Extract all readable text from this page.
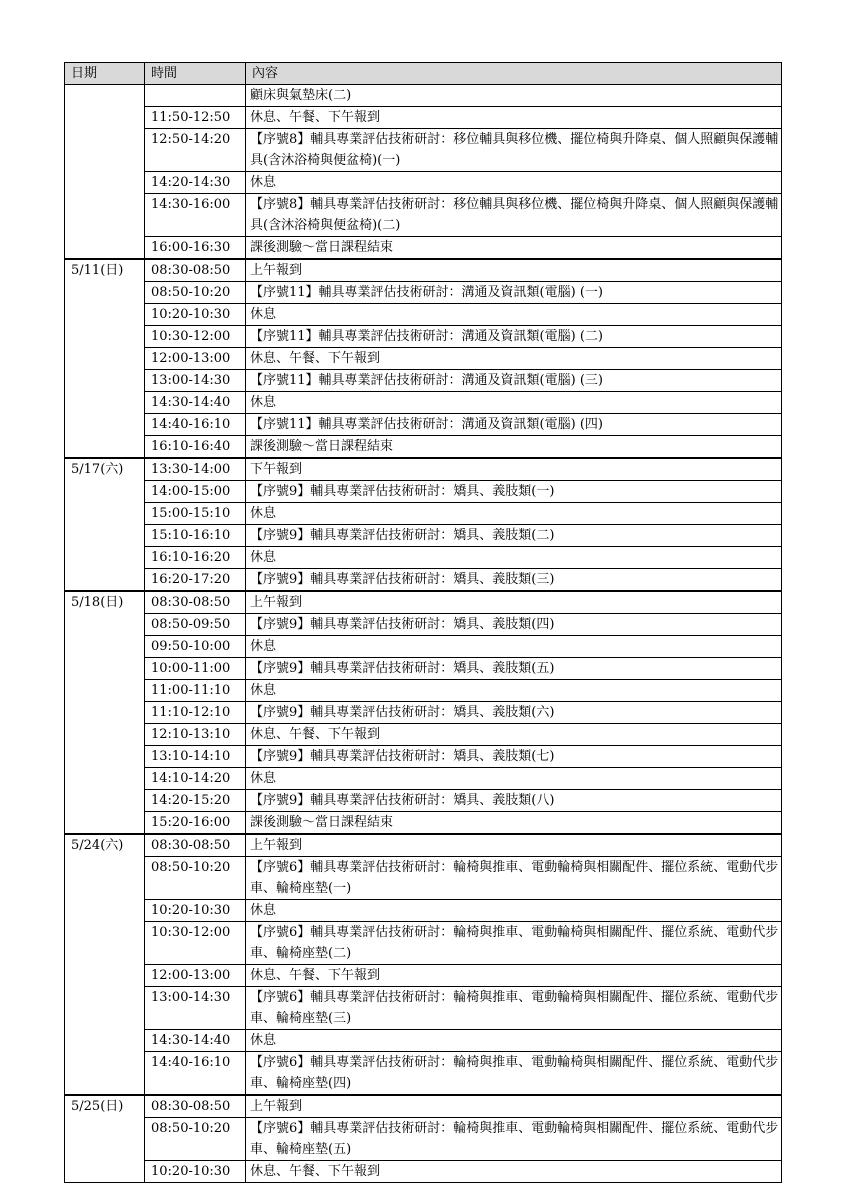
日期	時間	內容
		顧床與氣墊床(二)
	11:50-12:50	休息、午餐、下午報到
	12:50-14:20	【序號8】輔具專業評估技術研討：移位輔具與移位機、擺位椅與升降桌、個人照顧與保護輔具(含沐浴椅與便盆椅)(一)
	14:20-14:30	休息
	14:30-16:00	【序號8】輔具專業評估技術研討：移位輔具與移位機、擺位椅與升降桌、個人照顧與保護輔具(含沐浴椅與便盆椅)(二)
	16:00-16:30	課後測驗～當日課程結束
5/11(日)	08:30-08:50	上午報到
	08:50-10:20	【序號11】輔具專業評估技術研討：溝通及資訊類(電腦) (一)
	10:20-10:30	休息
	10:30-12:00	【序號11】輔具專業評估技術研討：溝通及資訊類(電腦) (二)
	12:00-13:00	休息、午餐、下午報到
	13:00-14:30	【序號11】輔具專業評估技術研討：溝通及資訊類(電腦) (三)
	14:30-14:40	休息
	14:40-16:10	【序號11】輔具專業評估技術研討：溝通及資訊類(電腦) (四)
	16:10-16:40	課後測驗～當日課程結束
5/17(六)	13:30-14:00	下午報到
	14:00-15:00	【序號9】輔具專業評估技術研討：矯具、義肢類(一)
	15:00-15:10	休息
	15:10-16:10	【序號9】輔具專業評估技術研討：矯具、義肢類(二)
	16:10-16:20	休息
	16:20-17:20	【序號9】輔具專業評估技術研討：矯具、義肢類(三)
5/18(日)	08:30-08:50	上午報到
	08:50-09:50	【序號9】輔具專業評估技術研討：矯具、義肢類(四)
	09:50-10:00	休息
	10:00-11:00	【序號9】輔具專業評估技術研討：矯具、義肢類(五)
	11:00-11:10	休息
	11:10-12:10	【序號9】輔具專業評估技術研討：矯具、義肢類(六)
	12:10-13:10	休息、午餐、下午報到
	13:10-14:10	【序號9】輔具專業評估技術研討：矯具、義肢類(七)
	14:10-14:20	休息
	14:20-15:20	【序號9】輔具專業評估技術研討：矯具、義肢類(八)
	15:20-16:00	課後測驗～當日課程結束
5/24(六)	08:30-08:50	上午報到
	08:50-10:20	【序號6】輔具專業評估技術研討：輪椅與推車、電動輪椅與相關配件、擺位系統、電動代步車、輪椅座墊(一)
	10:20-10:30	休息
	10:30-12:00	【序號6】輔具專業評估技術研討：輪椅與推車、電動輪椅與相關配件、擺位系統、電動代步車、輪椅座墊(二)
	12:00-13:00	休息、午餐、下午報到
	13:00-14:30	【序號6】輔具專業評估技術研討：輪椅與推車、電動輪椅與相關配件、擺位系統、電動代步車、輪椅座墊(三)
	14:30-14:40	休息
	14:40-16:10	【序號6】輔具專業評估技術研討：輪椅與推車、電動輪椅與相關配件、擺位系統、電動代步車、輪椅座墊(四)
5/25(日)	08:30-08:50	上午報到
	08:50-10:20	【序號6】輔具專業評估技術研討：輪椅與推車、電動輪椅與相關配件、擺位系統、電動代步車、輪椅座墊(五)
	10:20-10:30	休息、午餐、下午報到
